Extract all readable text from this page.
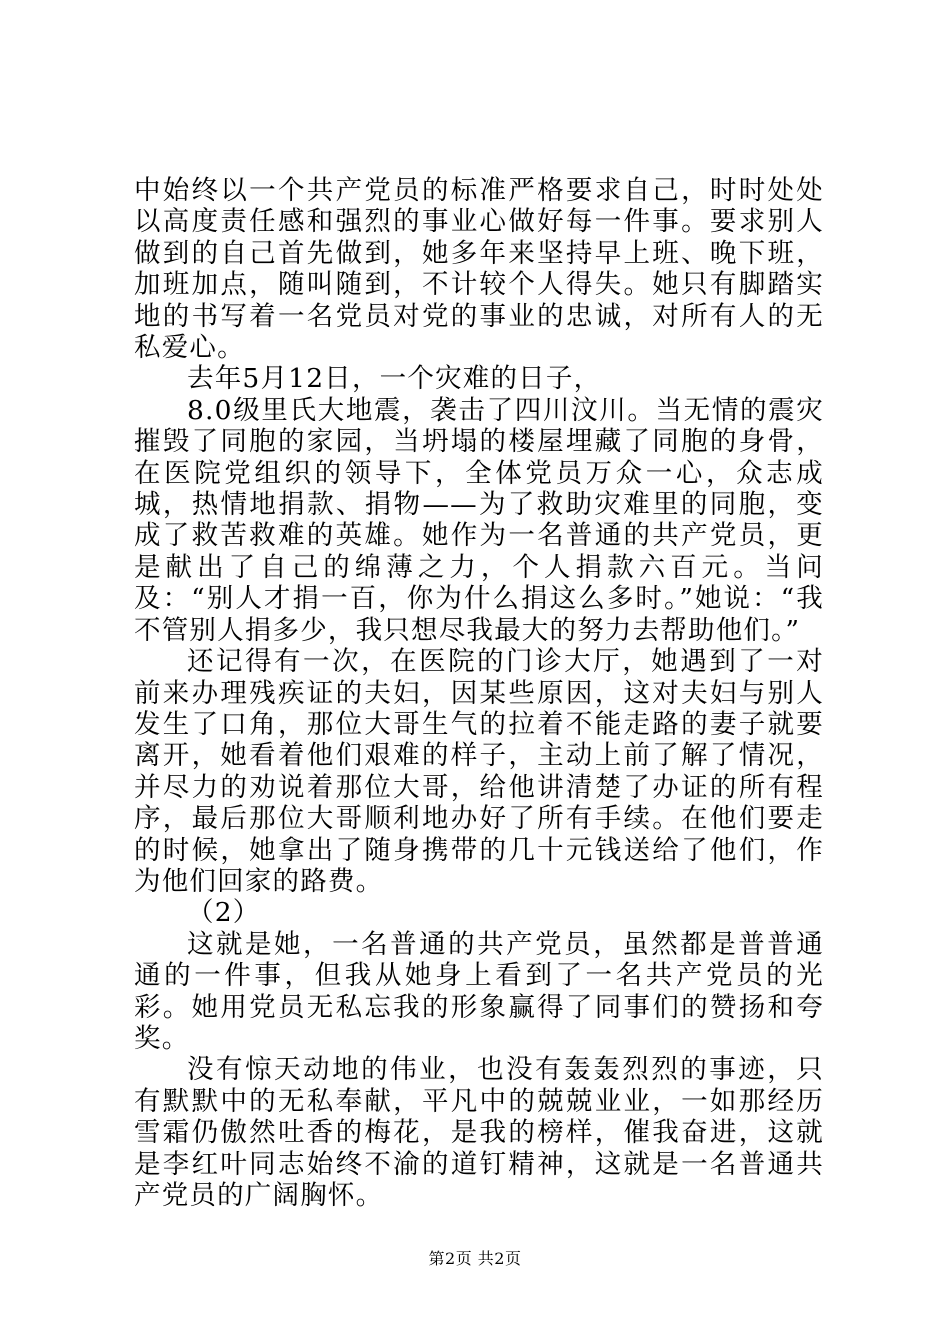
中始终以一个共产党员的标准严格要求自己，时时处处以高度责任感和强烈的事业心做好每一件事。要求别人做到的自己首先做到，她多年来坚持早上班、晚下班，加班加点，随叫随到，不计较个人得失。她只有脚踏实地的书写着一名党员对党的事业的忠诚，对所有人的无私爱心。

去年5月12日，一个灾难的日子，

8.0级里氏大地震，袭击了四川汶川。当无情的震灾摧毁了同胞的家园，当坍塌的楼屋埋藏了同胞的身骨，在医院党组织的领导下，全体党员万众一心，众志成城，热情地捐款、捐物——为了救助灾难里的同胞，变成了救苦救难的英雄。她作为一名普通的共产党员，更是献出了自己的绵薄之力，个人捐款六百元。当问及：“别人才捐一百，你为什么捐这么多时。”她说：“我不管别人捐多少，我只想尽我最大的努力去帮助他们。”

还记得有一次，在医院的门诊大厅，她遇到了一对前来办理残疾证的夫妇，因某些原因，这对夫妇与别人发生了口角，那位大哥生气的拉着不能走路的妻子就要离开，她看着他们艰难的样子，主动上前了解了情况，并尽力的劝说着那位大哥，给他讲清楚了办证的所有程序，最后那位大哥顺利地办好了所有手续。在他们要走的时候，她拿出了随身携带的几十元钱送给了他们，作为他们回家的路费。

（2）

这就是她，一名普通的共产党员，虽然都是普普通通的一件事，但我从她身上看到了一名共产党员的光彩。她用党员无私忘我的形象赢得了同事们的赞扬和夸奖。

没有惊天动地的伟业，也没有轰轰烈烈的事迹，只有默默中的无私奉献，平凡中的兢兢业业，一如那经历雪霜仍傲然吐香的梅花，是我的榜样，催我奋进，这就是李红叶同志始终不渝的道钉精神，这就是一名普通共产党员的广阔胸怀。

第2页 共2页
